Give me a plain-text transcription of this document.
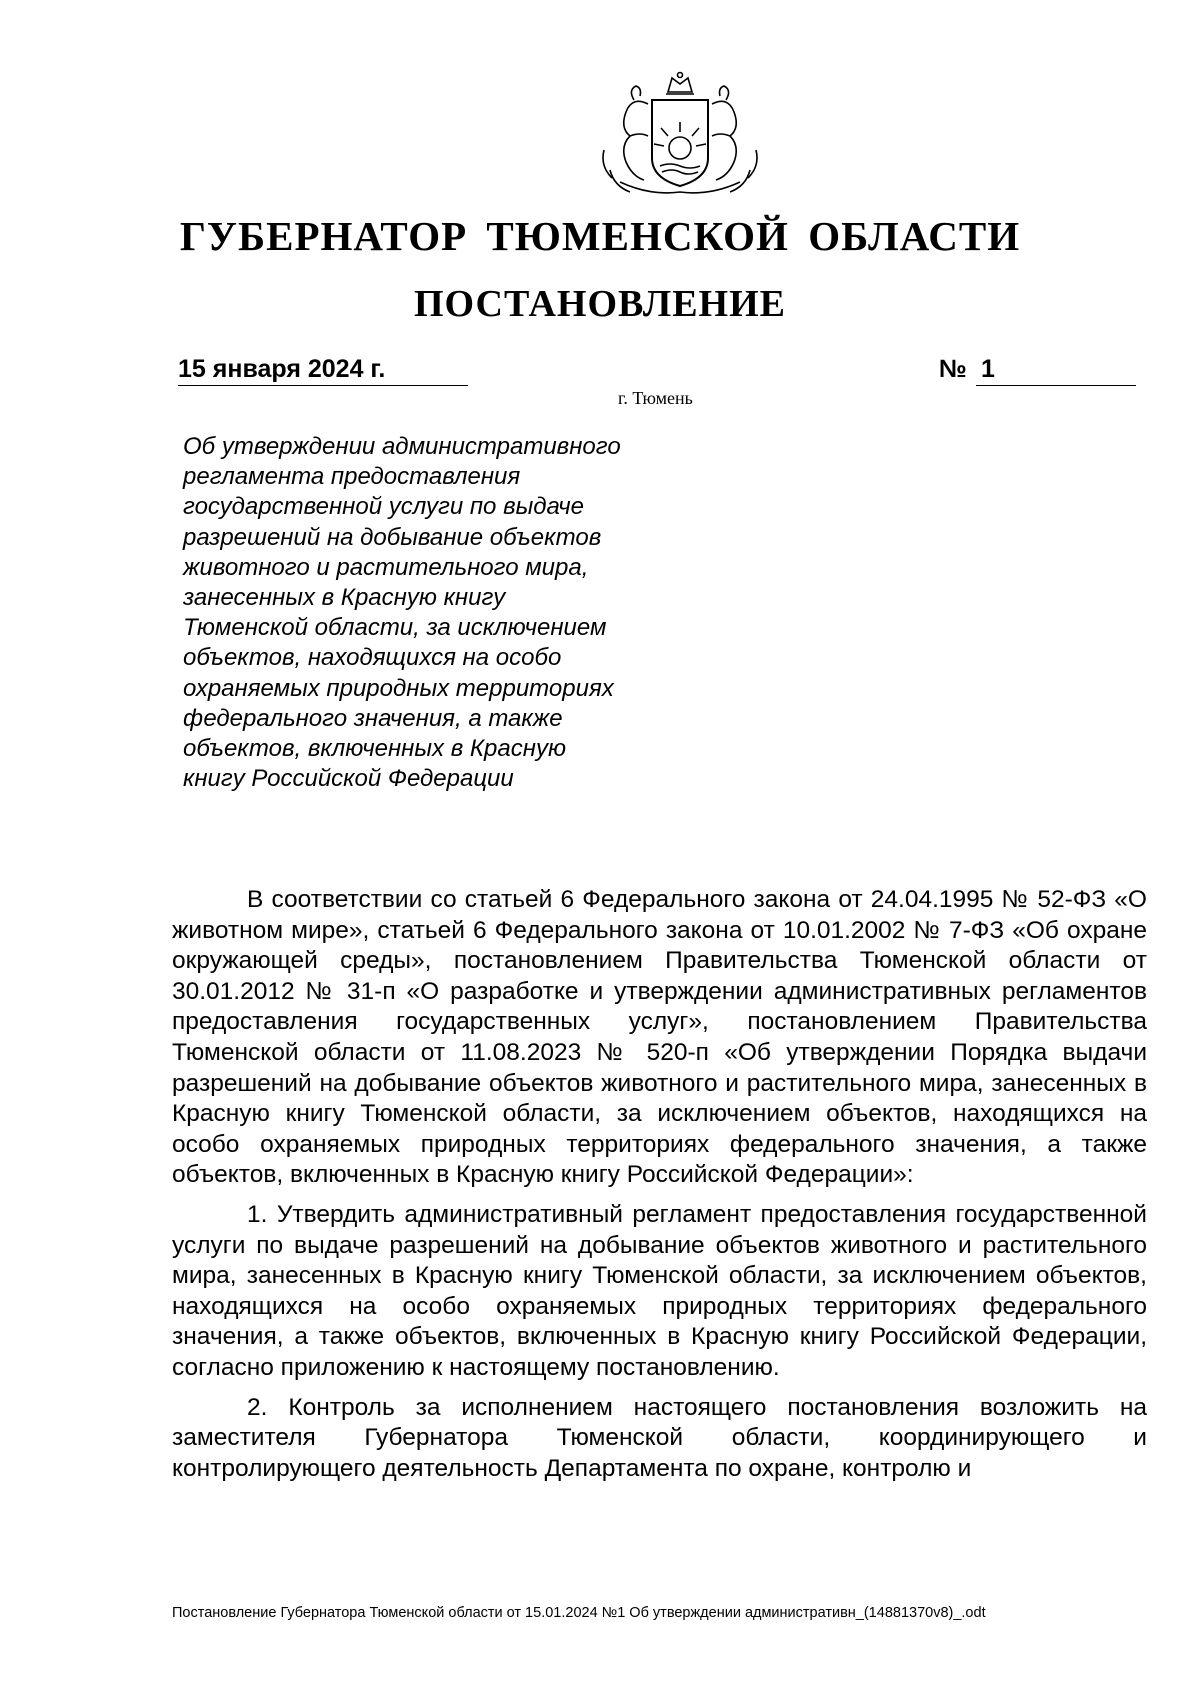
ГУБЕРНАТОР ТЮМЕНСКОЙ ОБЛАСТИ
ПОСТАНОВЛЕНИЕ
15 января 2024 г.	№ 1
г. Тюмень
Об утверждении административного
регламента предоставления
государственной услуги по выдаче
разрешений на добывание объектов
животного и растительного мира,
занесенных в Красную книгу
Тюменской области, за исключением
объектов, находящихся на особо
охраняемых природных территориях
федерального значения, а также
объектов, включенных в Красную
книгу Российской Федерации

В соответствии со статьей 6 Федерального закона от 24.04.1995 № 52-ФЗ «О животном мире», статьей 6 Федерального закона от 10.01.2002 № 7-ФЗ «Об охране окружающей среды», постановлением Правительства Тюменской области от 30.01.2012 № 31-п «О разработке и утверждении административных регламентов предоставления государственных услуг», постановлением Правительства Тюменской области от 11.08.2023 № 520-п «Об утверждении Порядка выдачи разрешений на добывание объектов животного и растительного мира, занесенных в Красную книгу Тюменской области, за исключением объектов, находящихся на особо охраняемых природных территориях федерального значения, а также объектов, включенных в Красную книгу Российской Федерации»:

1. Утвердить административный регламент предоставления государственной услуги по выдаче разрешений на добывание объектов животного и растительного мира, занесенных в Красную книгу Тюменской области, за исключением объектов, находящихся на особо охраняемых природных территориях федерального значения, а также объектов, включенных в Красную книгу Российской Федерации, согласно приложению к настоящему постановлению.

2. Контроль за исполнением настоящего постановления возложить на заместителя Губернатора Тюменской области, координирующего и контролирующего деятельность Департамента по охране, контролю и

Постановление Губернатора Тюменской области от 15.01.2024 №1 Об утверждении административн_(14881370v8)_.odt
